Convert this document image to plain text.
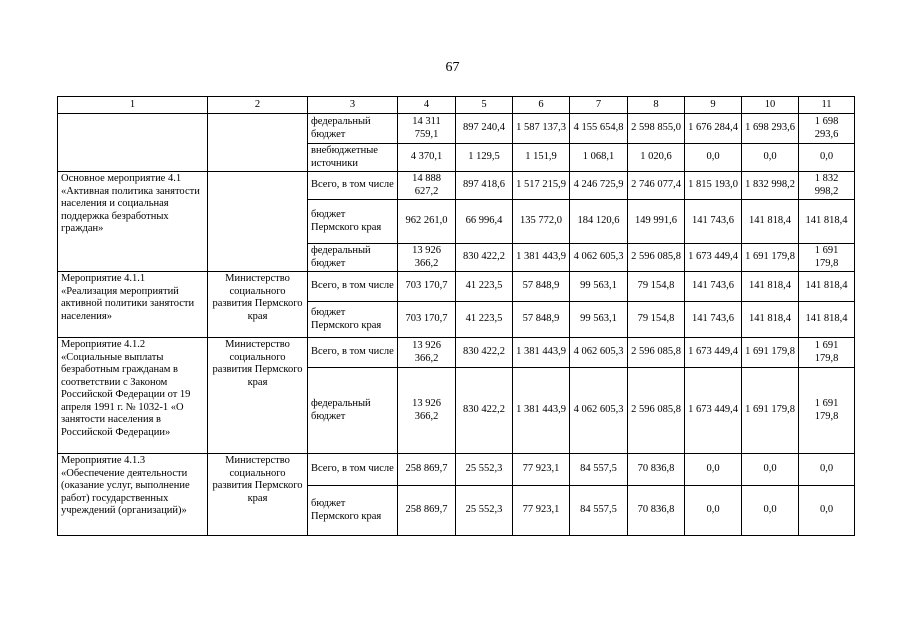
67
1	2	3	4	5	6	7	8	9	10	11
		федеральный бюджет	14 311 759,1	897 240,4	1 587 137,3	4 155 654,8	2 598 855,0	1 676 284,4	1 698 293,6	1 698 293,6
		внебюджетные источники	4 370,1	1 129,5	1 151,9	1 068,1	1 020,6	0,0	0,0	0,0
Основное мероприятие 4.1 «Активная политика занятости населения и социальная поддержка безработных граждан»		Всего, в том числе	14 888 627,2	897 418,6	1 517 215,9	4 246 725,9	2 746 077,4	1 815 193,0	1 832 998,2	1 832 998,2
		бюджет Пермского края	962 261,0	66 996,4	135 772,0	184 120,6	149 991,6	141 743,6	141 818,4	141 818,4
		федеральный бюджет	13 926 366,2	830 422,2	1 381 443,9	4 062 605,3	2 596 085,8	1 673 449,4	1 691 179,8	1 691 179,8
Мероприятие 4.1.1 «Реализация мероприятий активной политики занятости населения»	Министерство социального развития Пермского края	Всего, в том числе	703 170,7	41 223,5	57 848,9	99 563,1	79 154,8	141 743,6	141 818,4	141 818,4
		бюджет Пермского края	703 170,7	41 223,5	57 848,9	99 563,1	79 154,8	141 743,6	141 818,4	141 818,4
Мероприятие 4.1.2 «Социальные выплаты безработным гражданам в соответствии с Законом Российской Федерации от 19 апреля 1991 г. № 1032-1 «О занятости населения в Российской Федерации»	Министерство социального развития Пермского края	Всего, в том числе	13 926 366,2	830 422,2	1 381 443,9	4 062 605,3	2 596 085,8	1 673 449,4	1 691 179,8	1 691 179,8
		федеральный бюджет	13 926 366,2	830 422,2	1 381 443,9	4 062 605,3	2 596 085,8	1 673 449,4	1 691 179,8	1 691 179,8
Мероприятие 4.1.3 «Обеспечение деятельности (оказание услуг, выполнение работ) государственных учреждений (организаций)»	Министерство социального развития Пермского края	Всего, в том числе	258 869,7	25 552,3	77 923,1	84 557,5	70 836,8	0,0	0,0	0,0
		бюджет Пермского края	258 869,7	25 552,3	77 923,1	84 557,5	70 836,8	0,0	0,0	0,0
